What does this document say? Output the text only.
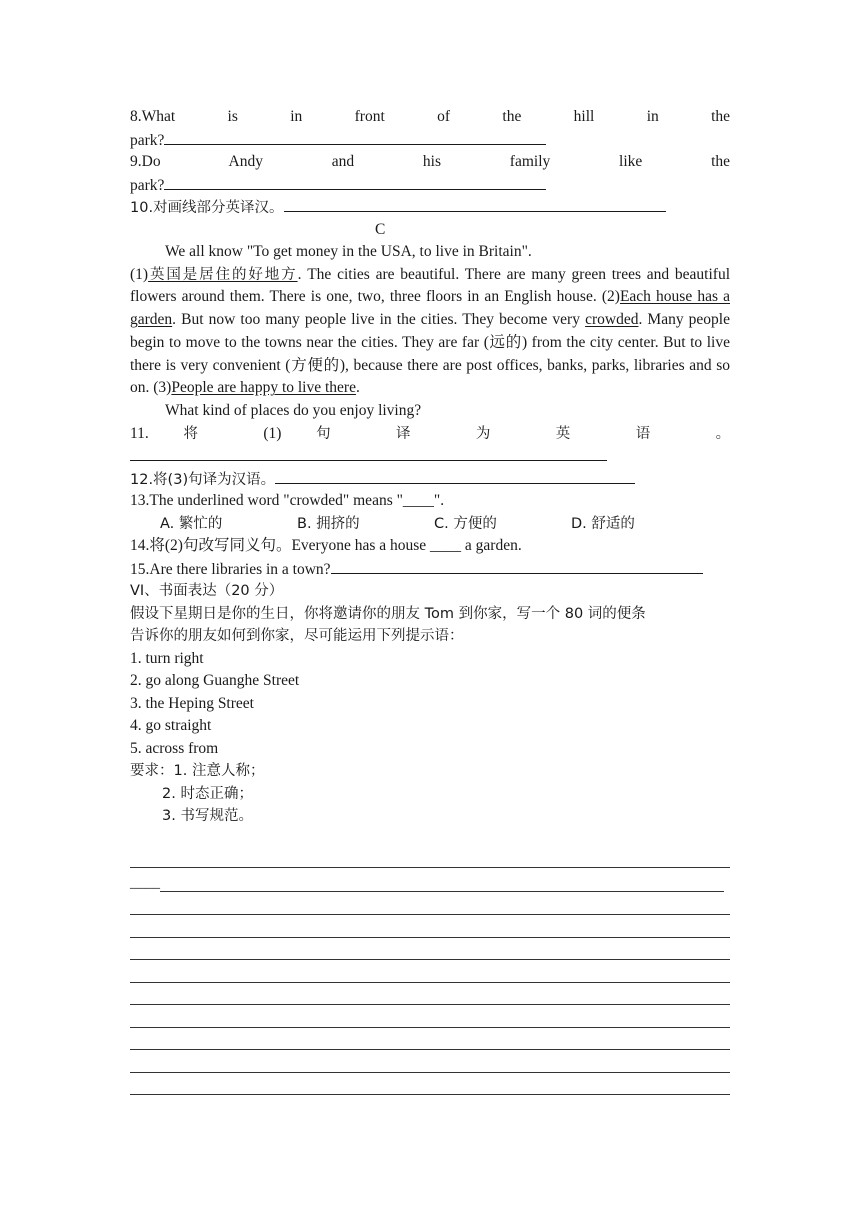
8.What	is	in	front	of	the	hill	in	the
park?
9.Do	Andy	and	his	family	like	the
park?
10.对画线部分英译汉。
C
We all know "To get money in the USA, to live in Britain".
(1)英国是居住的好地方. The cities are beautiful. There are many green trees and beautiful flowers around them. There is one, two, three floors in an English house. (2)Each house has a garden. But now too many people live in the cities. They become very crowded. Many people begin to move to the towns near the cities. They are far (远的) from the city center. But to live there is very convenient (方便的), because there are post offices, banks, parks, libraries and so on. (3)People are happy to live there.
What kind of places do you enjoy living?
11. 将 (1) 句 译 为 英 语 。
12.将(3)句译为汉语。
13.The underlined word "crowded" means "____".
A. 繁忙的	B. 拥挤的	C. 方便的	D. 舒适的
14.将(2)句改写同义句。Everyone has a house ____ a garden.
15.Are there libraries in a town?
VI、书面表达（20 分）
假设下星期日是你的生日，你将邀请你的朋友 Tom 到你家，写一个 80 词的便条
告诉你的朋友如何到你家，尽可能运用下列提示语：
1. turn right
2. go along Guanghe Street
3. the Heping Street
4. go straight
5. across from
要求：1. 注意人称；
2. 时态正确；
3. 书写规范。
____
